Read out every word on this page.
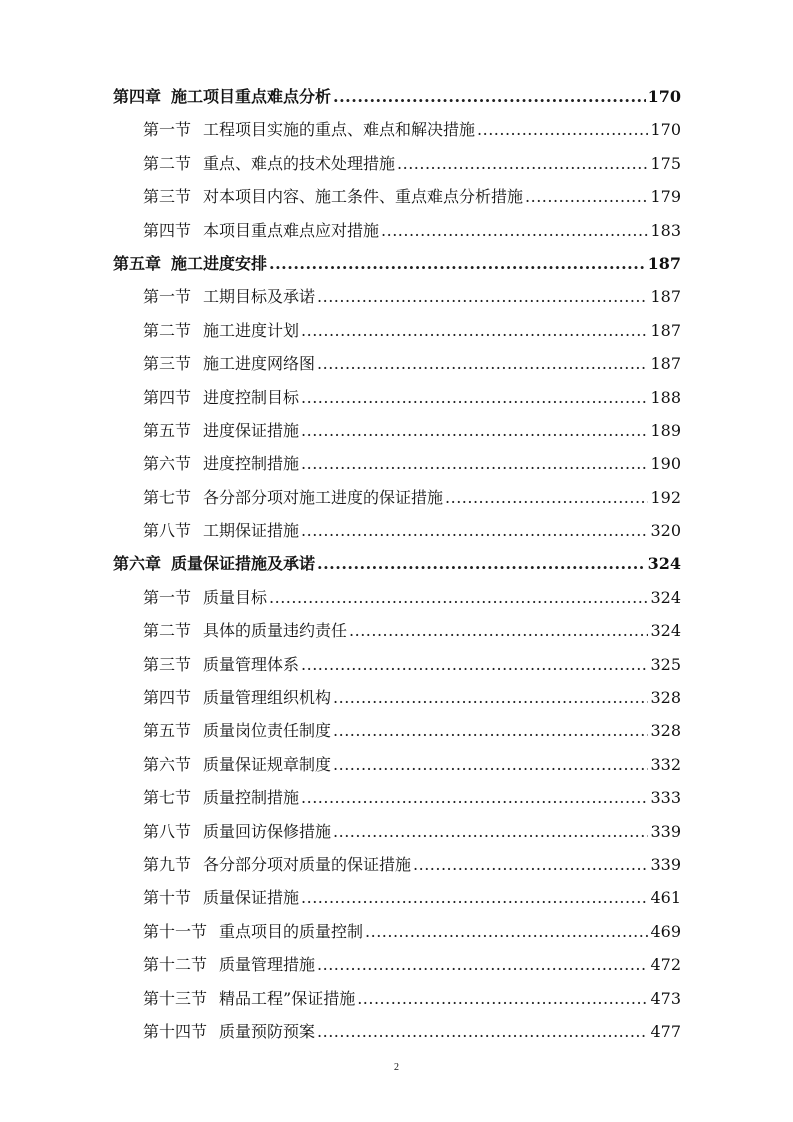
第四章 施工项目重点难点分析 .....	170
第一节 工程项目实施的重点、难点和解决措施 .....	170
第二节 重点、难点的技术处理措施 .....	175
第三节 对本项目内容、施工条件、重点难点分析措施 .....	179
第四节 本项目重点难点应对措施 .....	183
第五章 施工进度安排 .....	187
第一节 工期目标及承诺 .....	187
第二节 施工进度计划 .....	187
第三节 施工进度网络图 .....	187
第四节 进度控制目标 .....	188
第五节 进度保证措施 .....	189
第六节 进度控制措施 .....	190
第七节 各分部分项对施工进度的保证措施 .....	192
第八节 工期保证措施 .....	320
第六章 质量保证措施及承诺 .....	324
第一节 质量目标 .....	324
第二节 具体的质量违约责任 .....	324
第三节 质量管理体系 .....	325
第四节 质量管理组织机构 .....	328
第五节 质量岗位责任制度 .....	328
第六节 质量保证规章制度 .....	332
第七节 质量控制措施 .....	333
第八节 质量回访保修措施 .....	339
第九节 各分部分项对质量的保证措施 .....	339
第十节 质量保证措施 .....	461
第十一节 重点项目的质量控制 .....	469
第十二节 质量管理措施 .....	472
第十三节 精品工程”保证措施 .....	473
第十四节 质量预防预案 .....	477
2
